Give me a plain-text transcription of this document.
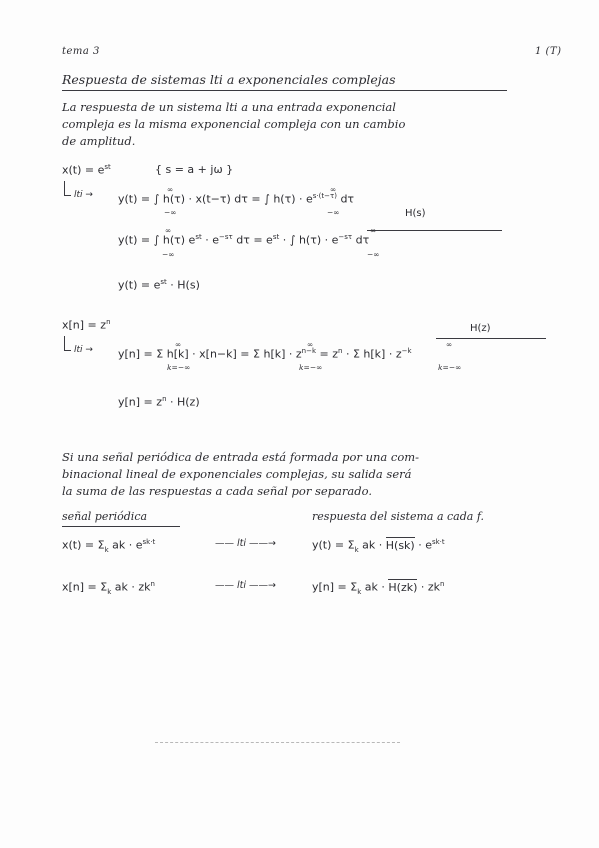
tema 3	1 (T)
Respuesta de sistemas lti a exponenciales complejas
La respuesta de un sistema lti a una entrada exponencial
compleja es la misma exponencial compleja con un cambio
de amplitud.
$x(t) = e^{st}$	{ s = a + jω }
lti → y(t) = ∫ h(τ) · x(t−τ) dτ = ∫ $h(\tau) \cdot e^{s\cdot(t-\tau)}$ dτ
∞
−∞
∞
−∞	H(s)
y(t) = ∫ h(τ) $e^{st} \cdot e^{-s\tau}$ $d\tau = e^{st}$ · ∫ $h(\tau) \cdot e^{-s\tau}$ dτ
∞
−∞
∞
−∞
$y(t) = e^{st} \cdot H(s)$
$x[n] = z^n$
H(z)
lti → y[n] = Σ h[k] · x[n−k] = Σ $h[k] \cdot z^{n-k} = z^n \cdot \Sigma$ $h[k] \cdot z^{-k}$
∞
k=−∞
∞
k=−∞
∞
k=−∞
$y[n] = z^n \cdot H(z)$
Si una señal periódica de entrada está formada por una com-
binacional lineal de exponenciales complejas, su salida será
la suma de las respuestas a cada señal por separado.
señal periódica	respuesta del sistema a cada f.
$x(t) = \Sigma_k$ ak · $e^{sk\cdot t}$	—— lti ——→	$y(t) = \Sigma_k$ ak · $H(sk) \cdot e^{sk\cdot t}$
$x[n] = \Sigma_k$ ak · $zk^n$	—— lti ——→	$y[n] = \Sigma_k$ ak · $H(zk) \cdot zk^n$
